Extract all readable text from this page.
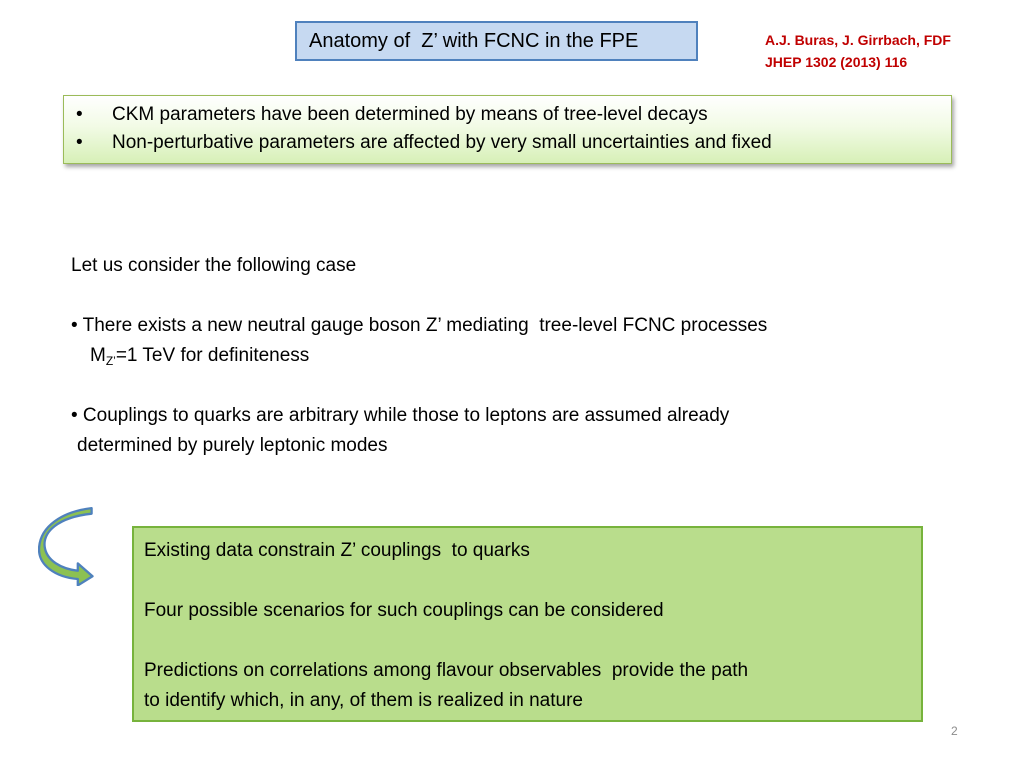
Anatomy of  Z’ with FCNC in the FPE	A.J. Buras, J. Girrbach, FDF
JHEP 1302 (2013) 116
•	CKM parameters have been determined by means of tree-level decays
•	Non-perturbative parameters are affected by very small uncertainties and fixed
Let us consider the following case
• There exists a new neutral gauge boson Z’ mediating  tree-level FCNC processes
$M_{Z’}=1$ TeV for definiteness
• Couplings to quarks are arbitrary while those to leptons are assumed already
determined by purely leptonic modes
Existing data constrain Z’ couplings  to quarks
Four possible scenarios for such couplings can be considered
Predictions on correlations among flavour observables  provide the path
to identify which, in any, of them is realized in nature
2
